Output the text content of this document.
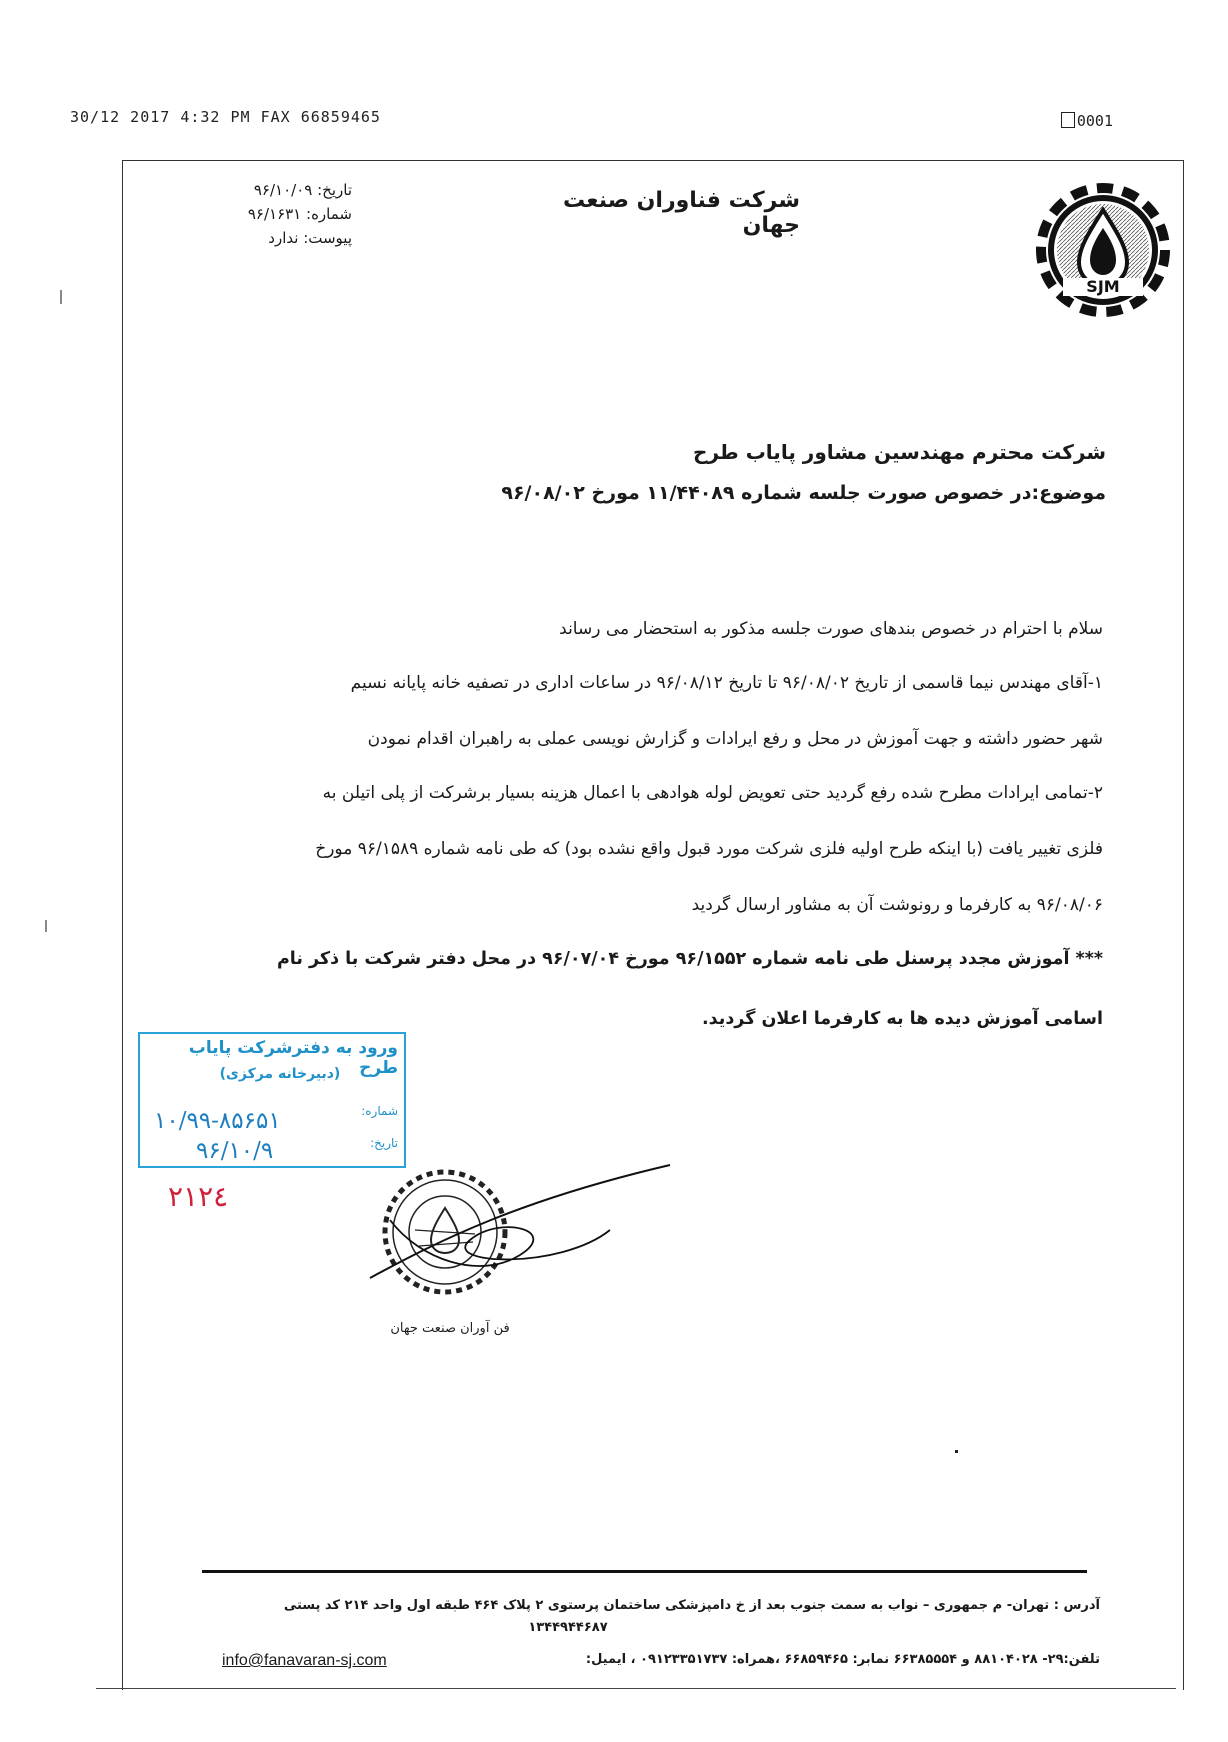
30/12 2017 4:32 PM FAX 66859465	0001
شرکت فناوران صنعت جهان
تاریخ: ۹۶/۱۰/۰۹
شماره: ۹۶/۱۶۳۱
پیوست: ندارد
SJM
شرکت محترم مهندسین مشاور پایاب طرح
موضوع:در خصوص صورت جلسه شماره ۱۱/۴۴۰۸۹ مورخ ۹۶/۰۸/۰۲
سلام با احترام در خصوص بندهای صورت جلسه مذکور به استحضار می رساند
۱-آقای مهندس نیما قاسمی از تاریخ ۹۶/۰۸/۰۲ تا تاریخ ۹۶/۰۸/۱۲ در ساعات اداری در تصفیه خانه پایانه نسیم
شهر حضور داشته و جهت آموزش در محل و رفع ایرادات و گزارش نویسی عملی به راهبران اقدام نمودن
۲-تمامی ایرادات مطرح شده رفع گردید حتی تعویض لوله هوادهی با اعمال هزینه بسیار برشرکت از پلی اتیلن به
فلزی تغییر یافت (با اینکه طرح اولیه فلزی شرکت مورد قبول واقع نشده بود) که طی نامه شماره ۹۶/۱۵۸۹ مورخ
۹۶/۰۸/۰۶ به کارفرما و رونوشت آن به مشاور ارسال گردید
*** آموزش مجدد پرسنل طی نامه شماره ۹۶/۱۵۵۲ مورخ ۹۶/۰۷/۰۴ در محل دفتر شرکت با ذکر نام
اسامی آموزش دیده ها به کارفرما اعلان گردید.
ورود به دفترشرکت پایاب طرح
(دبیرخانه مرکزی)
شماره:
تاریخ:
۱۰/۹۹-۸۵۶۵۱
۹۶/۱۰/۹
۲۱۲٤
فن آوران صنعت جهان
آدرس : تهران- م جمهوری – نواب به سمت جنوب بعد از خ دامپزشکی ساختمان پرستوی ۲ پلاک ۴۶۴ طبقه اول واحد ۲۱۴ کد پستی
۱۳۴۴۹۴۴۶۸۷
تلفن:۲۹- ۸۸۱۰۴۰۲۸ و ۶۶۳۸۵۵۵۴ نمابر: ۶۶۸۵۹۴۶۵ ،همراه: ۰۹۱۲۳۳۵۱۷۳۷ ، ایمیل:
info@fanavaran-sj.com
